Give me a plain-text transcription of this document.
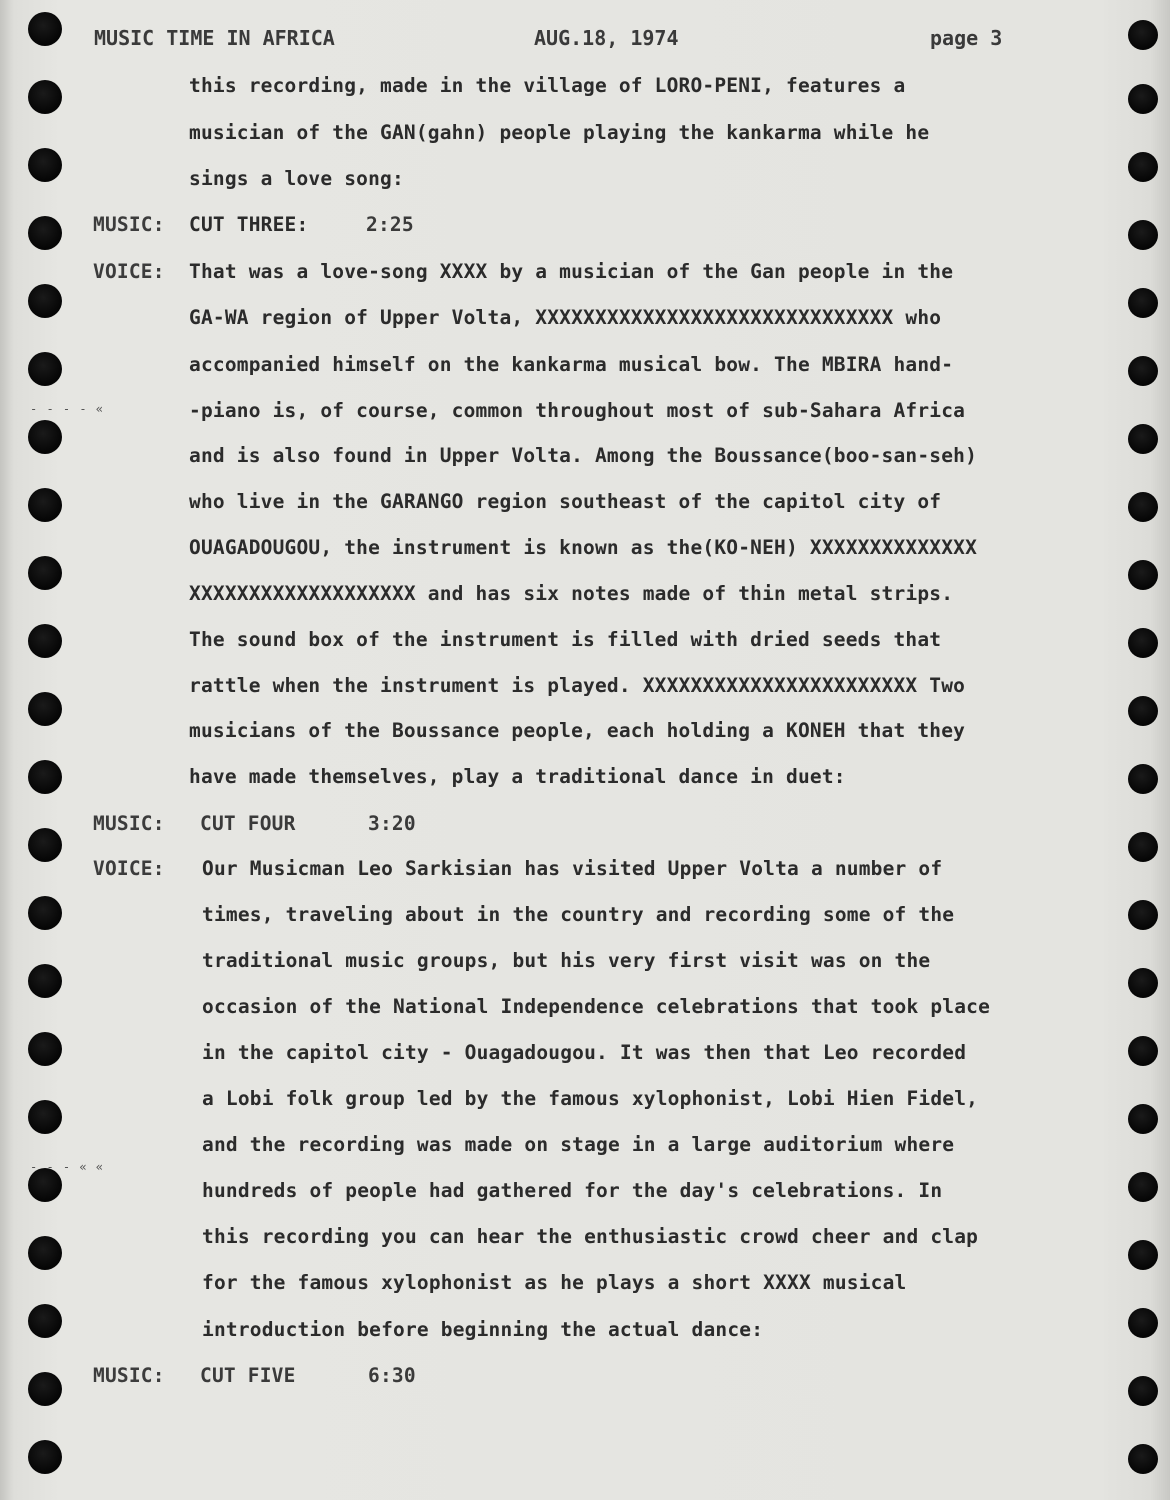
- - - - «
- - - « «
MUSIC TIME IN AFRICA	AUG.18, 1974	page 3
this recording, made in the village of LORO-PENI, features a
musician of the GAN(gahn) people playing the kankarma while he
sings a love song:
MUSIC: CUT THREE:	2:25
VOICE: That was a love-song XXXX by a musician of the Gan people in the
GA-WA region of Upper Volta, XXXXXXXXXXXXXXXXXXXXXXXXXXXXXX who
accompanied himself on the kankarma musical bow. The MBIRA hand-
-piano is, of course, common throughout most of sub-Sahara Africa
and is also found in Upper Volta. Among the Boussance(boo-san-seh)
who live in the GARANGO region southeast of the capitol city of
OUAGADOUGOU, the instrument is known as the(KO-NEH) XXXXXXXXXXXXXX
XXXXXXXXXXXXXXXXXXX and has six notes made of thin metal strips.
The sound box of the instrument is filled with dried seeds that
rattle when the instrument is played. XXXXXXXXXXXXXXXXXXXXXXX Two
musicians of the Boussance people, each holding a KONEH that they
have made themselves, play a traditional dance in duet:
MUSIC: CUT FOUR	3:20
VOICE: Our Musicman Leo Sarkisian has visited Upper Volta a number of
times, traveling about in the country and recording some of the
traditional music groups, but his very first visit was on the
occasion of the National Independence celebrations that took place
in the capitol city - Ouagadougou. It was then that Leo recorded
a Lobi folk group led by the famous xylophonist, Lobi Hien Fidel,
and the recording was made on stage in a large auditorium where
hundreds of people had gathered for the day's celebrations. In
this recording you can hear the enthusiastic crowd cheer and clap
for the famous xylophonist as he plays a short XXXX musical
introduction before beginning the actual dance:
MUSIC: CUT FIVE	6:30
